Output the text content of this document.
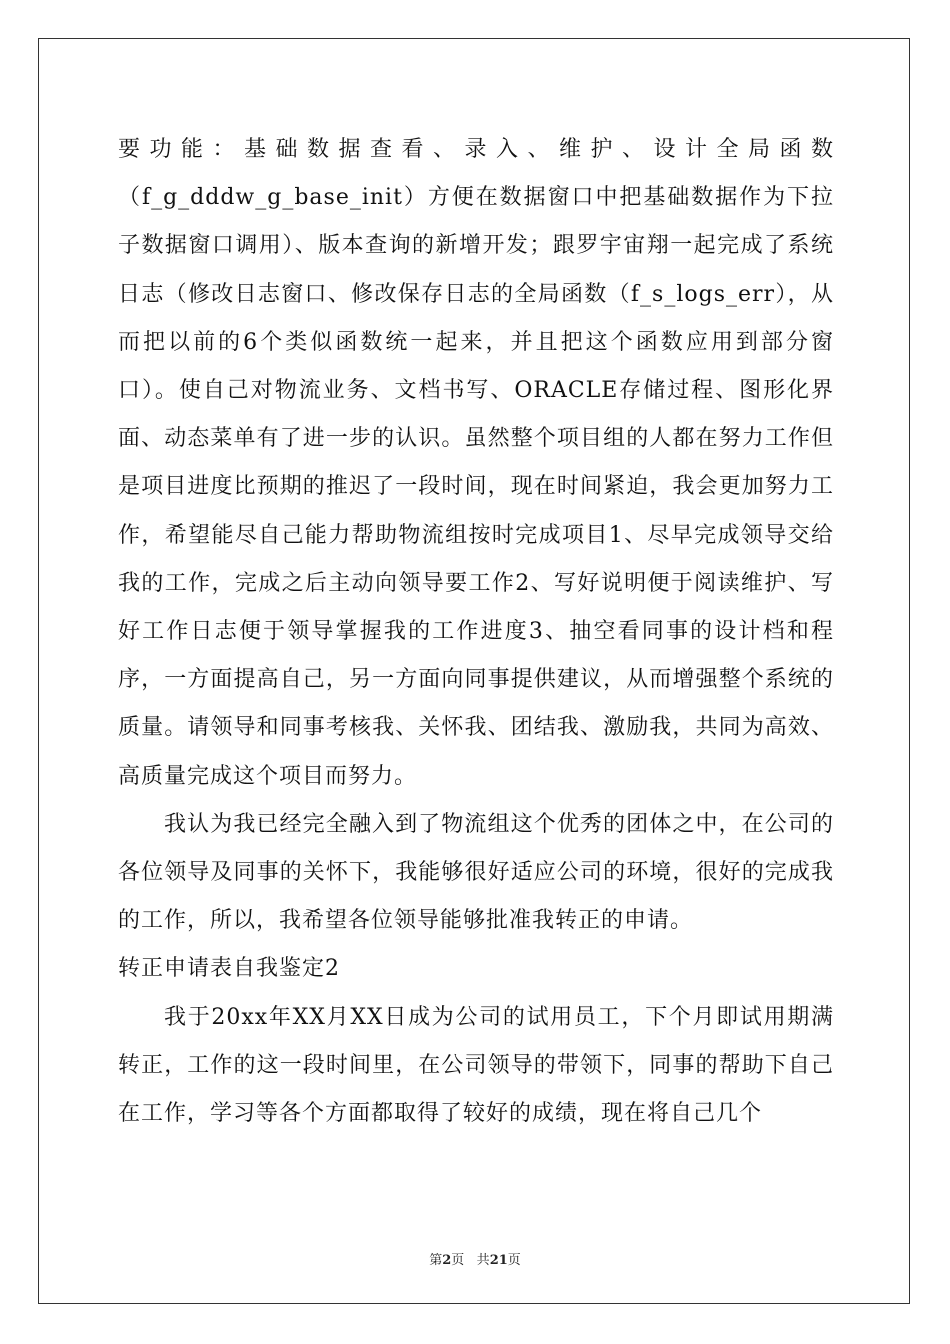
要功能：基础数据查看、录入、维护、设计全局函数（f_g_dddw_g_base_init）方便在数据窗口中把基础数据作为下拉子数据窗口调用）、版本查询的新增开发；跟罗宇宙翔一起完成了系统日志（修改日志窗口、修改保存日志的全局函数（f_s_logs_err），从而把以前的6个类似函数统一起来，并且把这个函数应用到部分窗口）。使自己对物流业务、文档书写、ORACLE存储过程、图形化界面、动态菜单有了进一步的认识。虽然整个项目组的人都在努力工作但是项目进度比预期的推迟了一段时间，现在时间紧迫，我会更加努力工作，希望能尽自己能力帮助物流组按时完成项目1、尽早完成领导交给我的工作，完成之后主动向领导要工作2、写好说明便于阅读维护、写好工作日志便于领导掌握我的工作进度3、抽空看同事的设计档和程序，一方面提高自己，另一方面向同事提供建议，从而增强整个系统的质量。请领导和同事考核我、关怀我、团结我、激励我，共同为高效、高质量完成这个项目而努力。

我认为我已经完全融入到了物流组这个优秀的团体之中，在公司的各位领导及同事的关怀下，我能够很好适应公司的环境，很好的完成我的工作，所以，我希望各位领导能够批准我转正的申请。

转正申请表自我鉴定2

我于20xx年XX月XX日成为公司的试用员工，下个月即试用期满转正，工作的这一段时间里，在公司领导的带领下，同事的帮助下自己在工作，学习等各个方面都取得了较好的成绩，现在将自己几个

第2页 共21页
